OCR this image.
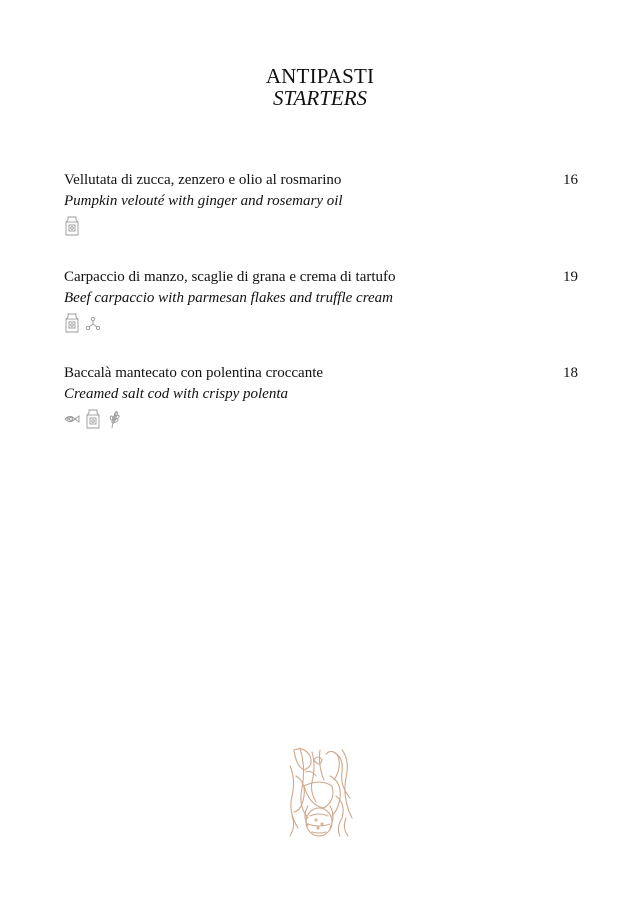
ANTIPASTI
STARTERS
Vellutata di zucca, zenzero e olio al rosmarino	16
Pumpkin velouté with ginger and rosemary oil
Carpaccio di manzo, scaglie di grana e crema di tartufo	19
Beef carpaccio with parmesan flakes and truffle cream
Baccalà mantecato con polentina croccante	18
Creamed salt cod with crispy polenta
